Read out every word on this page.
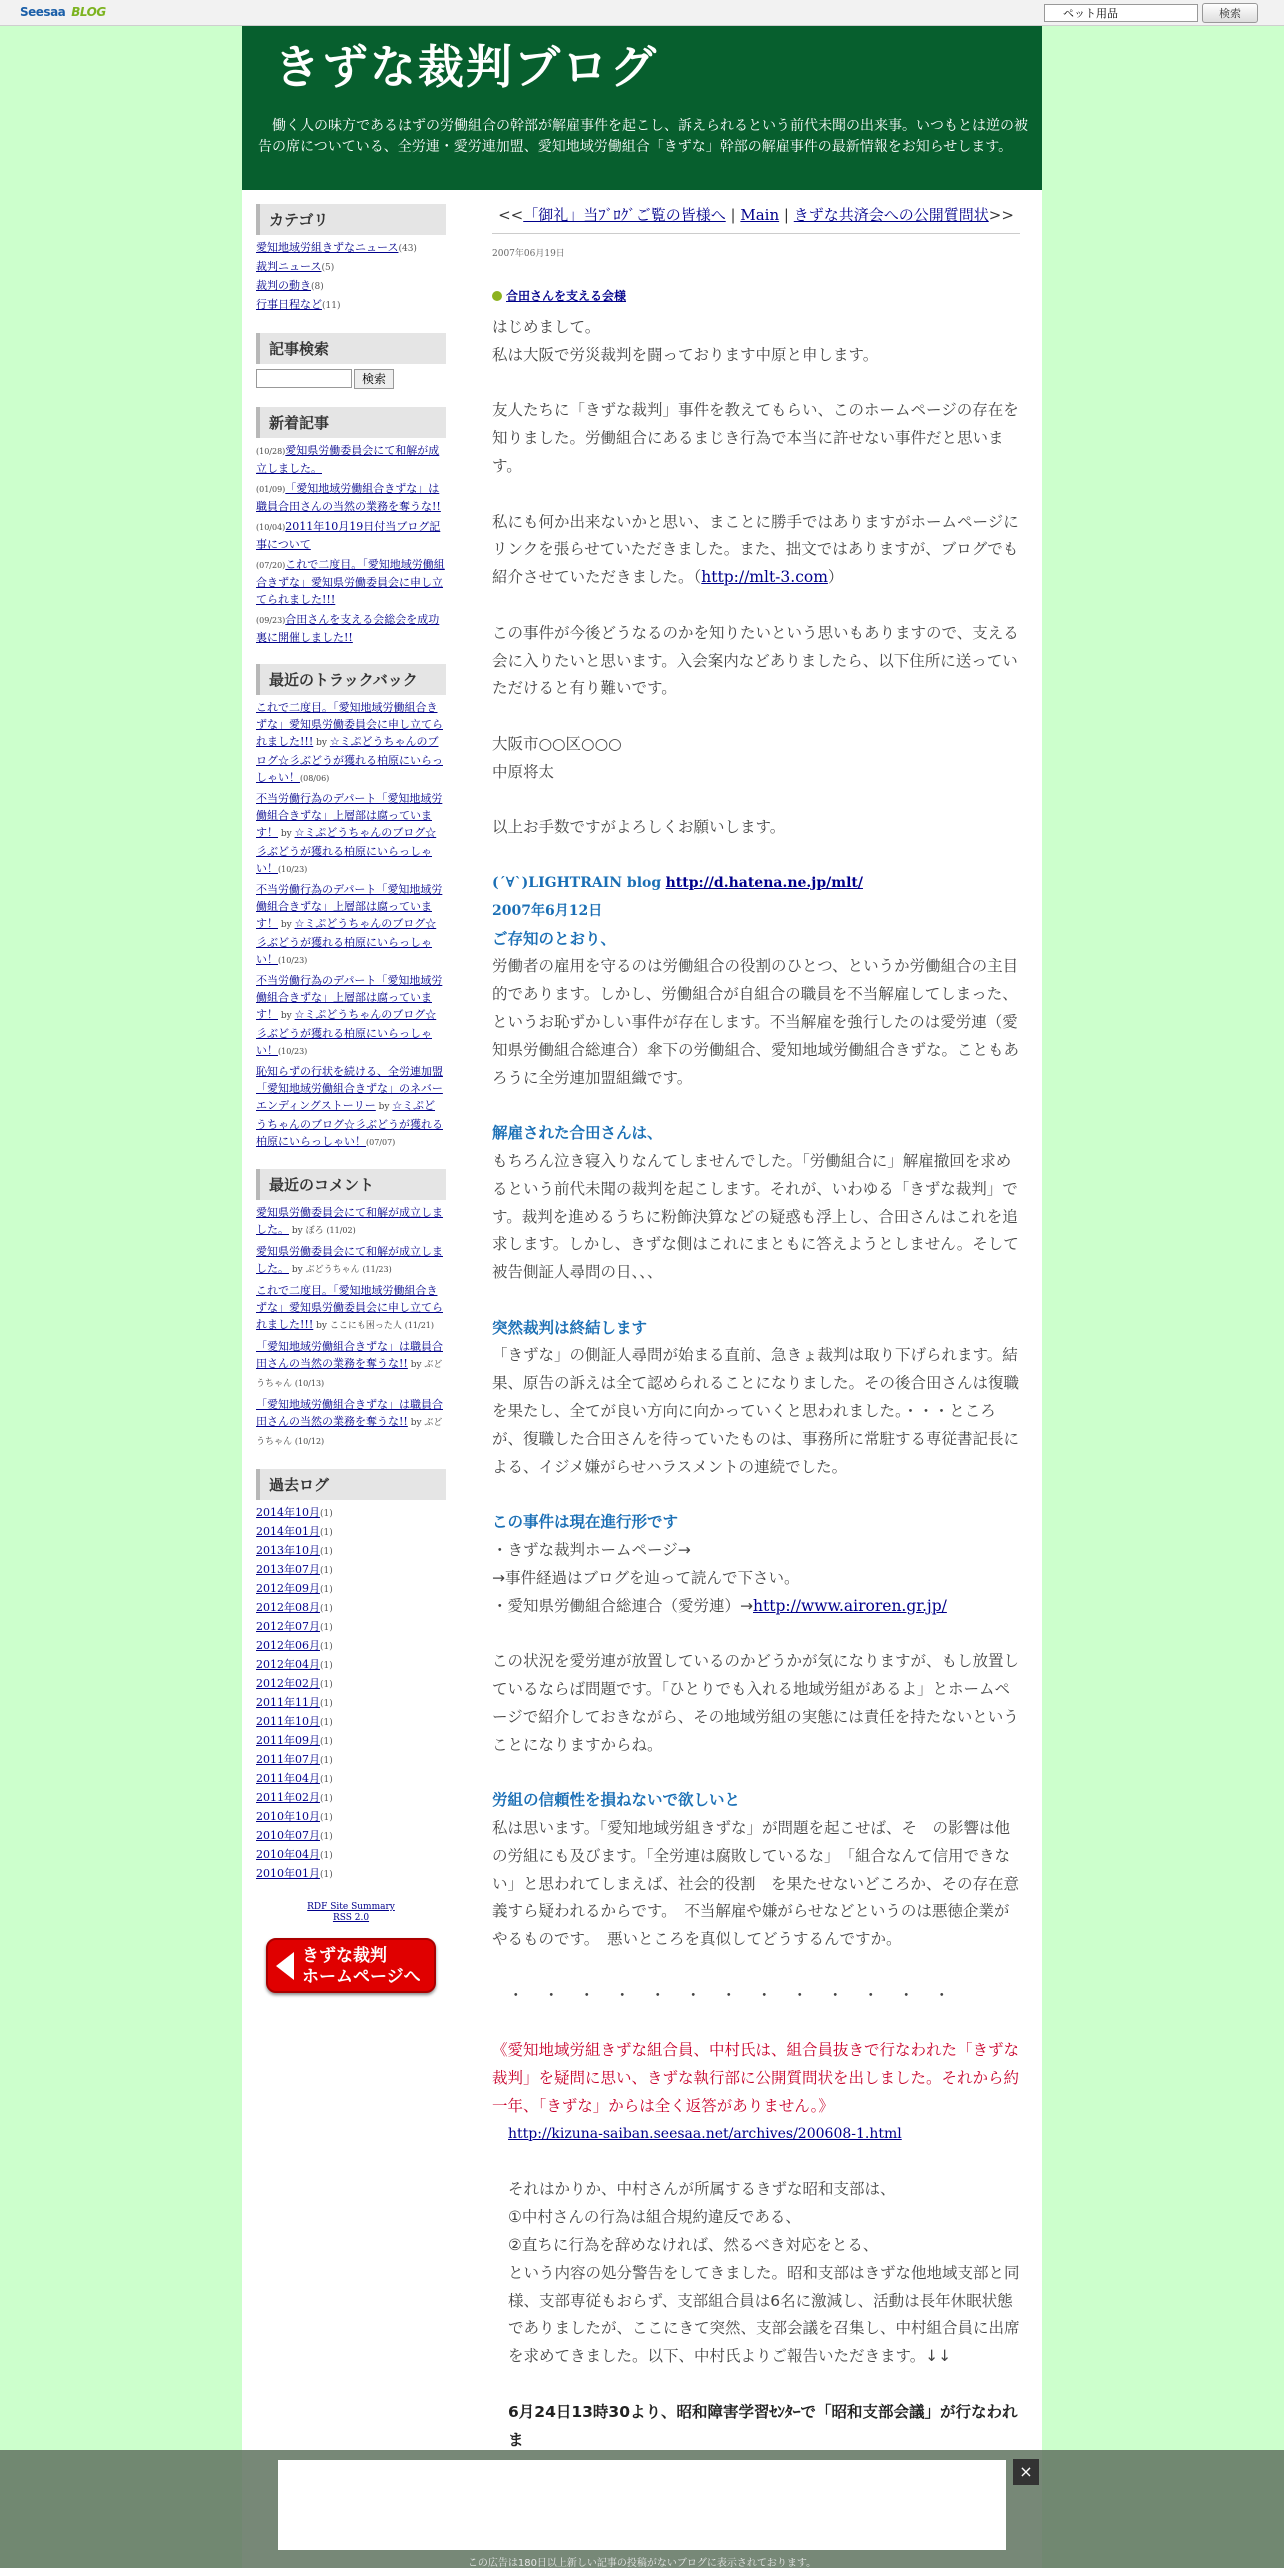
Seesaa BLOG
ペット用品	検索
きずな裁判ブログ
働く人の味方であるはずの労働組合の幹部が解雇事件を起こし、訴えられるという前代未聞の出来事。いつもとは逆の被告の席についている、全労連・愛労連加盟、愛知地域労働組合「きずな」幹部の解雇事件の最新情報をお知らせします。
カテゴリ
愛知地域労組きずなニュース(43)
裁判ニュース(5)
裁判の動き(8)
行事日程など(11)
記事検索
検索
新着記事
(10/28)愛知県労働委員会にて和解が成立しました。
(01/09)「愛知地域労働組合きずな」は職員合田さんの当然の業務を奪うな!!
(10/04)2011年10月19日付当ブログ記事について
(07/20)これで二度目。「愛知地域労働組合きずな」愛知県労働委員会に申し立てられました!!!
(09/23)合田さんを支える会総会を成功裏に開催しました!!
最近のトラックバック
これで二度目。「愛知地域労働組合きずな」愛知県労働委員会に申し立てられました!!! by ☆ミぷどうちゃんのブログ☆彡ぶどうが獲れる柏原にいらっしゃい！(08/06)
不当労働行為のデパート「愛知地域労働組合きずな」上層部は腐っています！ by ☆ミぷどうちゃんのブログ☆彡ぶどうが獲れる柏原にいらっしゃい！(10/23)
不当労働行為のデパート「愛知地域労働組合きずな」上層部は腐っています！ by ☆ミぷどうちゃんのブログ☆彡ぶどうが獲れる柏原にいらっしゃい！(10/23)
不当労働行為のデパート「愛知地域労働組合きずな」上層部は腐っています！ by ☆ミぷどうちゃんのブログ☆彡ぶどうが獲れる柏原にいらっしゃい！(10/23)
恥知らずの行状を続ける、全労連加盟「愛知地域労働組合きずな」のネバーエンディングストーリー by ☆ミぷどうちゃんのブログ☆彡ぶどうが獲れる柏原にいらっしゃい！(07/07)
最近のコメント
愛知県労働委員会にて和解が成立しました。 by ぼろ (11/02)
愛知県労働委員会にて和解が成立しました。 by ぶどうちゃん (11/23)
これで二度目。「愛知地域労働組合きずな」愛知県労働委員会に申し立てられました!!! by ここにも困った人 (11/21)
「愛知地域労働組合きずな」は職員合田さんの当然の業務を奪うな!! by ぶどうちゃん (10/13)
「愛知地域労働組合きずな」は職員合田さんの当然の業務を奪うな!! by ぶどうちゃん (10/12)
過去ログ
2014年10月(1)
2014年01月(1)
2013年10月(1)
2013年07月(1)
2012年09月(1)
2012年08月(1)
2012年07月(1)
2012年06月(1)
2012年04月(1)
2012年02月(1)
2011年11月(1)
2011年10月(1)
2011年09月(1)
2011年07月(1)
2011年04月(1)
2011年02月(1)
2010年10月(1)
2010年07月(1)
2010年04月(1)
2010年01月(1)
RDF Site Summary
RSS 2.0
きずな裁判
ホームページへ
<<「御礼」当ﾌﾞﾛｸﾞご覧の皆様へ | Main | きずな共済会への公開質問状>>
2007年06月19日
合田さんを支える会様

はじめまして。
私は大阪で労災裁判を闘っております中原と申します。

友人たちに「きずな裁判」事件を教えてもらい、このホームページの存在を知りました。労働組合にあるまじき行為で本当に許せない事件だと思います。

私にも何か出来ないかと思い、まことに勝手ではありますがホームページにリンクを張らせていただきました。また、拙文ではありますが、ブログでも紹介させていただきました。（http://mlt-3.com）

この事件が今後どうなるのかを知りたいという思いもありますので、支える会に入りたいと思います。入会案内などありましたら、以下住所に送っていただけると有り難いです。

大阪市○○区○○○
中原将太

以上お手数ですがよろしくお願いします。

(´∀`)LIGHTRAIN blog http://d.hatena.ne.jp/mlt/
2007年6月12日
ご存知のとおり、

労働者の雇用を守るのは労働組合の役割のひとつ、というか労働組合の主目的であります。しかし、労働組合が自組合の職員を不当解雇してしまった、というお恥ずかしい事件が存在します。不当解雇を強行したのは愛労連（愛知県労働組合総連合）傘下の労働組合、愛知地域労働組合きずな。こともあろうに全労連加盟組織です。

解雇された合田さんは、

もちろん泣き寝入りなんてしませんでした。「労働組合に」解雇撤回を求めるという前代未聞の裁判を起こします。それが、いわゆる「きずな裁判」です。裁判を進めるうちに粉飾決算などの疑惑も浮上し、合田さんはこれを追求します。しかし、きずな側はこれにまともに答えようとしません。そして被告側証人尋問の日、、、

突然裁判は終結します

「きずな」の側証人尋問が始まる直前、急きょ裁判は取り下げられます。結果、原告の訴えは全て認められることになりました。その後合田さんは復職を果たし、全てが良い方向に向かっていくと思われました。・・・ところが、復職した合田さんを待っていたものは、事務所に常駐する専従書記長による、イジメ嫌がらせハラスメントの連続でした。

この事件は現在進行形です
・きずな裁判ホームページ→
→事件経過はブログを辿って読んで下さい。
・愛知県労働組合総連合（愛労連）→http://www.airoren.gr.jp/

この状況を愛労連が放置しているのかどうかが気になりますが、もし放置しているならば問題です。「ひとりでも入れる地域労組があるよ」とホームページで紹介しておきながら、その地域労組の実態には責任を持たないということになりますからね。

労組の信頼性を損ねないで欲しいと

私は思います。「愛知地域労組きずな」が問題を起こせば、そ　の影響は他の労組にも及びます。「全労連は腐敗しているな」　「組合なんて信用できない」と思われてしまえば、社会的役割　を果たせないどころか、その存在意義すら疑われるからです。　不当解雇や嫌がらせなどというのは悪徳企業がやるものです。　悪いところを真似してどうするんですか。

・・・・・・・・・・・・・

《愛知地域労組きずな組合員、中村氏は、組合員抜きで行なわれた「きずな裁判」を疑問に思い、きずな執行部に公開質問状を出しました。それから約一年、「きずな」からは全く返答がありません。》

http://kizuna-saiban.seesaa.net/archives/200608-1.html

それはかりか、中村さんが所属するきずな昭和支部は、
①中村さんの行為は組合規約違反である、
②直ちに行為を辞めなければ、然るべき対応をとる、
という内容の処分警告をしてきました。昭和支部はきずな他地域支部と同様、支部専従もおらず、支部組合員は6名に激減し、活動は長年休眠状態でありましたが、ここにきて突然、支部会議を召集し、中村組合員に出席を求めてきました。以下、中村氏よりご報告いただきます。↓↓

6月24日13時30より、昭和障害学習ｾﾝﾀｰで「昭和支部会議」が行なわれま
×
この広告は180日以上新しい記事の投稿がないブログに表示されております。
